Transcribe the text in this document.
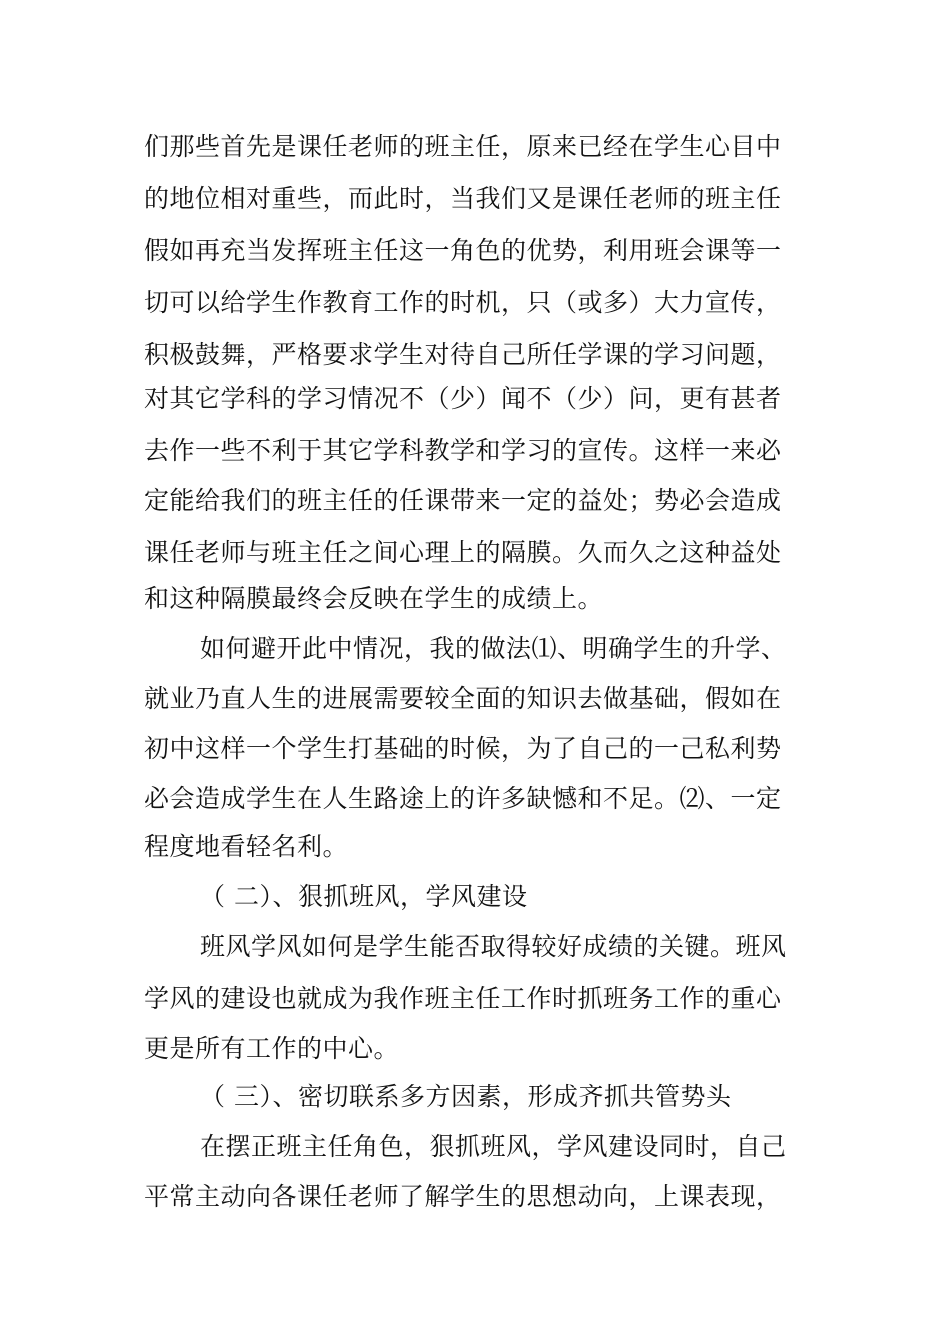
们那些首先是课任老师的班主任，原来已经在学生心目中
的地位相对重些，而此时，当我们又是课任老师的班主任
假如再充当发挥班主任这一角色的优势，利用班会课等一
切可以给学生作教育工作的时机，只（或多）大力宣传，
积极鼓舞，严格要求学生对待自己所任学课的学习问题，
对其它学科的学习情况不（少）闻不（少）问，更有甚者
去作一些不利于其它学科教学和学习的宣传。这样一来必
定能给我们的班主任的任课带来一定的益处；势必会造成
课任老师与班主任之间心理上的隔膜。久而久之这种益处
和这种隔膜最终会反映在学生的成绩上。
如何避开此中情况，我的做法⑴、明确学生的升学、
就业乃直人生的进展需要较全面的知识去做基础，假如在
初中这样一个学生打基础的时候，为了自己的一己私利势
必会造成学生在人生路途上的许多缺憾和不足。⑵、一定
程度地看轻名利。
（ 二）、狠抓班风，学风建设
班风学风如何是学生能否取得较好成绩的关键。班风
学风的建设也就成为我作班主任工作时抓班务工作的重心
更是所有工作的中心。
（ 三）、密切联系多方因素，形成齐抓共管势头
在摆正班主任角色，狠抓班风，学风建设同时，自己
平常主动向各课任老师了解学生的思想动向，上课表现，
